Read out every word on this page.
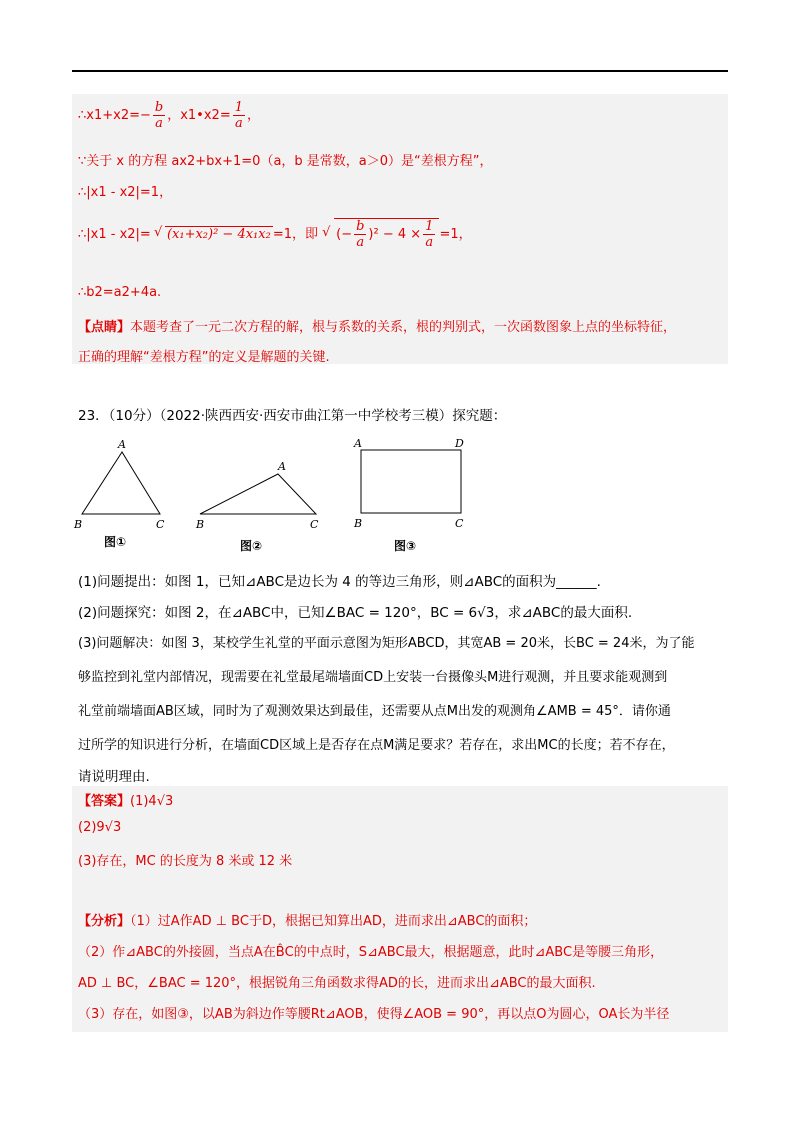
∴x1+x2=− $\frac{b}{a}$ ，x1•x2= $\frac{1}{a}$ ，
∵关于 x 的方程 ax2+bx+1=0（a，b 是常数，a＞0）是“差根方程”，
∴|x1 - x2|=1，
∴|x1 - x2|= √ (x₁+x₂)² − 4x₁x₂ =1，即 √ (− $\frac{b}{a} )^2 - 4 \times \frac{1}{a} =1$，
∴b2=a2+4a.
【点睛】本题考查了一元二次方程的解，根与系数的关系，根的判别式，一次函数图象上点的坐标特征，
正确的理解“差根方程”的定义是解题的关键.
23．（10分）（2022·陕西西安·西安市曲江第一中学校考三模）探究题：
A
B	C
A
B	C
A	D
B	C
图①	图②	图③
(1)问题提出：如图 1，已知⊿ABC是边长为 4 的等边三角形，则⊿ABC的面积为______.
(2)问题探究：如图 2，在⊿ABC中，已知∠BAC = 120°，BC = 6√3，求⊿ABC的最大面积.
(3)问题解决：如图 3，某校学生礼堂的平面示意图为矩形ABCD，其宽AB = 20米，长BC = 24米，为了能
够监控到礼堂内部情况，现需要在礼堂最尾端墙面CD上安装一台摄像头M进行观测，并且要求能观测到
礼堂前端墙面AB区域，同时为了观测效果达到最佳，还需要从点M出发的观测角∠AMB = 45°．请你通
过所学的知识进行分析，在墙面CD区域上是否存在点M满足要求？若存在，求出MC的长度；若不存在，
请说明理由.
【答案】(1)4√3
(2)9√3
(3)存在，MC 的长度为 8 米或 12 米
【分析】（1）过A作AD ⊥ BC于D，根据已知算出AD，进而求出⊿ABC的面积；
（2）作⊿ABC的外接圆，当点A在B̂C的中点时，S⊿ABC最大，根据题意，此时⊿ABC是等腰三角形，
AD ⊥ BC，∠BAC = 120°，根据锐角三角函数求得AD的长，进而求出⊿ABC的最大面积.
（3）存在，如图③，以AB为斜边作等腰Rt⊿AOB，使得∠AOB = 90°，再以点O为圆心，OA长为半径
